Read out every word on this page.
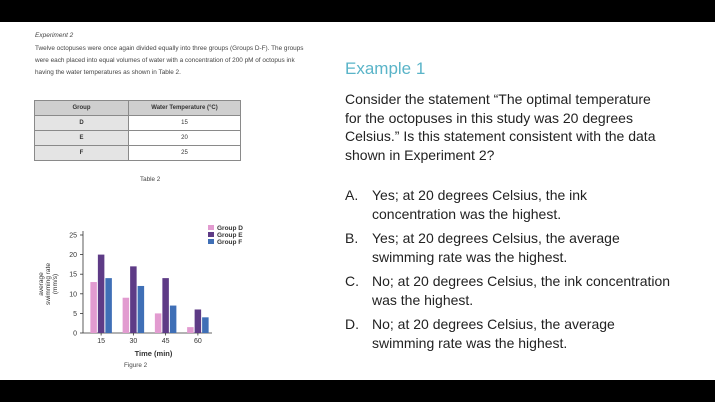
Experiment 2
Twelve octopuses were once again divided equally into three groups (Groups D-F). The groups were each placed into equal volumes of water with a concentration of 200 pM of octopus ink having the water temperatures as shown in Table 2.
Group	Water Temperature (°C)
D	15
E	20
F	25
Table 2
0
5
10
15
20
25
average swimming rate (mm/s)
15	30	45	60
Time (min)
Group D
Group E
Group F
Figure 2
Example 1
Consider the statement “The optimal temperature for the octopuses in this study was 20 degrees Celsius.” Is this statement consistent with the data shown in Experiment 2?
A. Yes; at 20 degrees Celsius, the ink concentration was the highest.
B. Yes; at 20 degrees Celsius, the average swimming rate was the highest.
C. No; at 20 degrees Celsius, the ink concentration was the highest.
D. No; at 20 degrees Celsius, the average swimming rate was the highest.
